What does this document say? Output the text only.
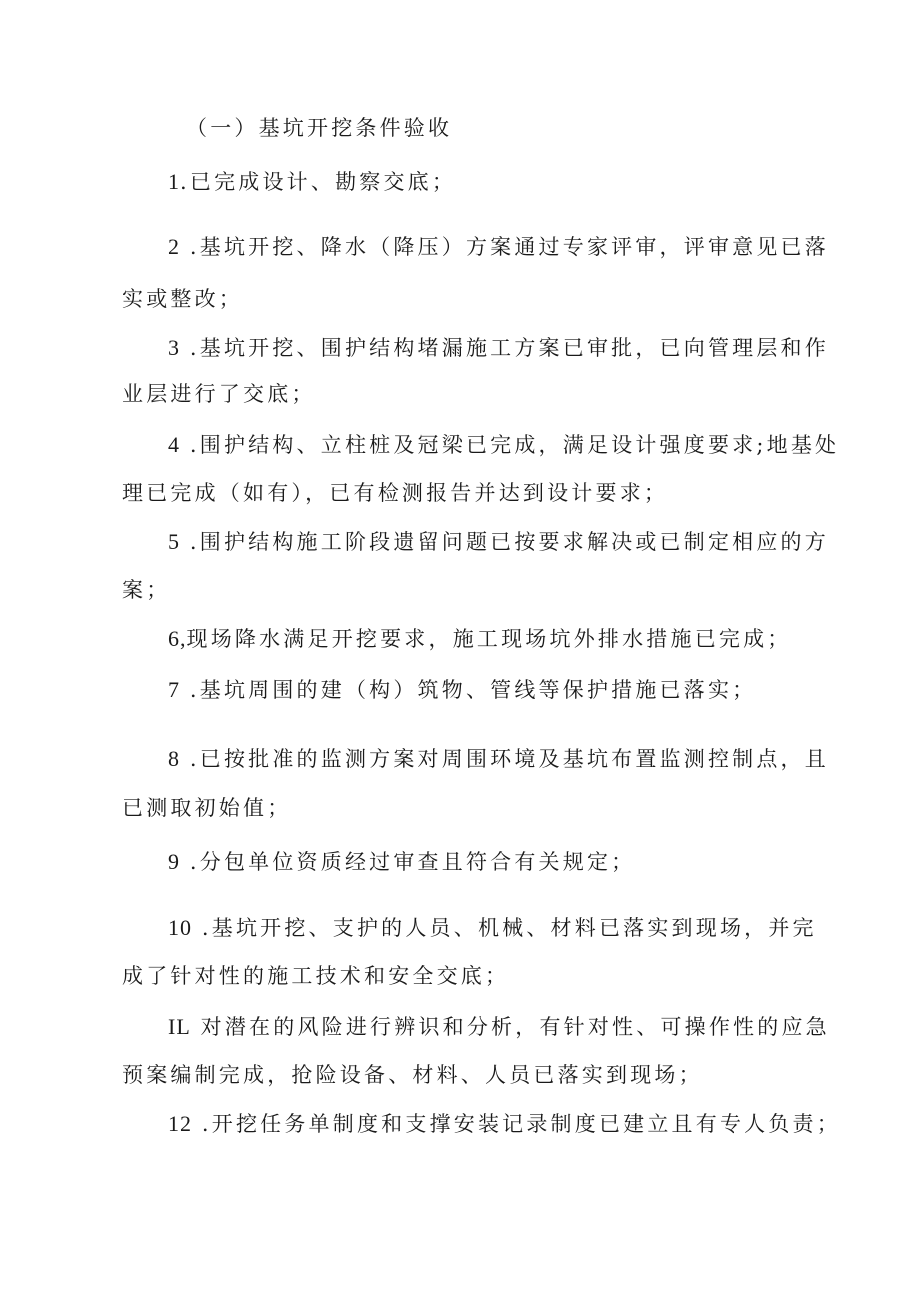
（一）基坑开挖条件验收
1.已完成设计、勘察交底；
2 .基坑开挖、降水（降压）方案通过专家评审，评审意见已落
实或整改；
3 .基坑开挖、围护结构堵漏施工方案已审批，已向管理层和作
业层进行了交底；
4 .围护结构、立柱桩及冠梁已完成，满足设计强度要求;地基处
理已完成（如有），已有检测报告并达到设计要求；
5 .围护结构施工阶段遗留问题已按要求解决或已制定相应的方
案；
6,现场降水满足开挖要求，施工现场坑外排水措施已完成；
7 .基坑周围的建（构）筑物、管线等保护措施已落实；
8 .已按批准的监测方案对周围环境及基坑布置监测控制点，且
已测取初始值；
9 .分包单位资质经过审查且符合有关规定；
10 .基坑开挖、支护的人员、机械、材料已落实到现场，并完
成了针对性的施工技术和安全交底；
IL 对潜在的风险进行辨识和分析，有针对性、可操作性的应急
预案编制完成，抢险设备、材料、人员已落实到现场；
12 .开挖任务单制度和支撑安装记录制度已建立且有专人负责；
